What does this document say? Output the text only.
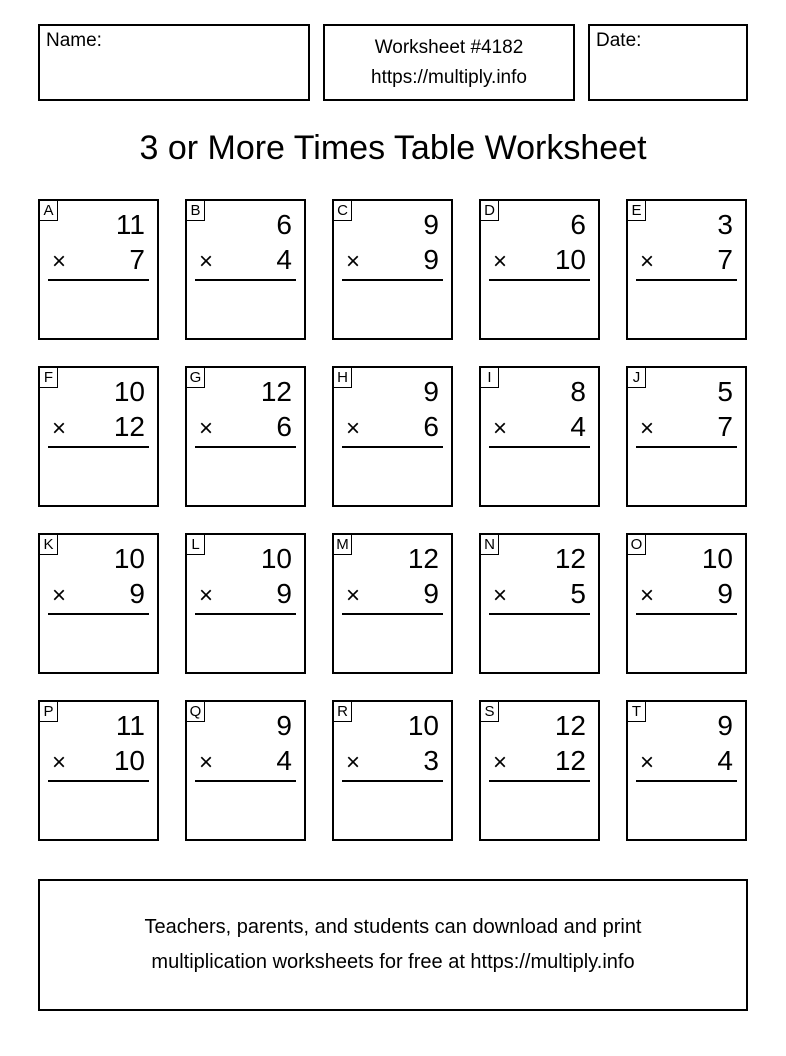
Name:	Worksheet #4182
https://multiply.info
Date:
3 or More Times Table Worksheet
A 11
× 7
B	6
× 4
C	9
× 9
D	6
× 10
E	3
× 7
F 10
× 12
G 12
× 6
H	9
× 6
I	8
× 4
J	5
× 7
K 10
× 9
L 10
× 9
M 12
× 9
N 12
× 5
O 10
× 9
P 11
× 10
Q	9
× 4
R 10
× 3
S 12
× 12
T	9
× 4
Teachers, parents, and students can download and print
multiplication worksheets for free at https://multiply.info
